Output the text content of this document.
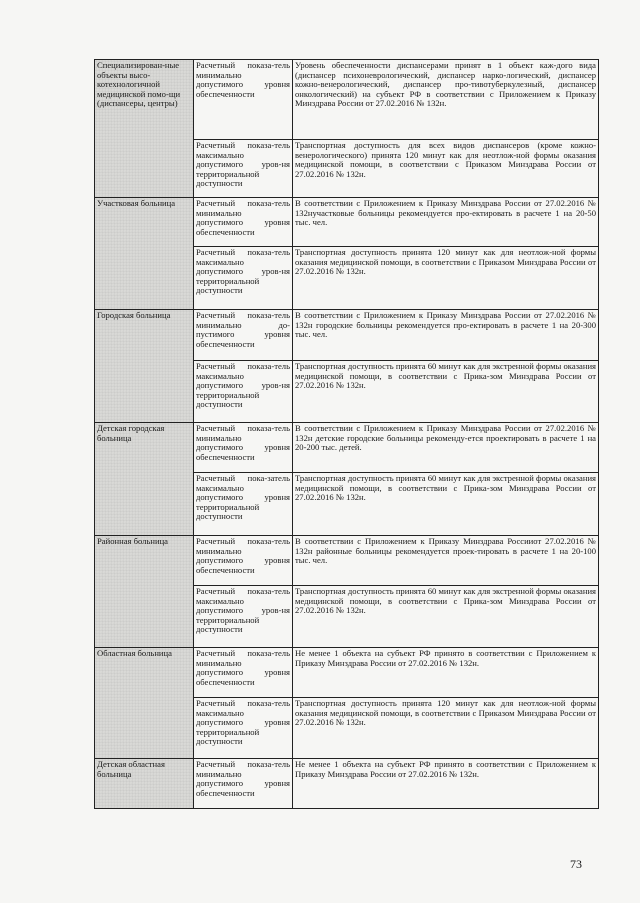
Специализирован-ные объекты высо-котехнологичной медицинской помо-щи (диспансеры, центры)	Расчетный показа-тель минимально допустимого уровня обеспеченности	Уровень обеспеченности диспансерами принят в 1 объект каж-дого вида (диспансер психоневрологический, диспансер нарко-логический, диспансер кожно-венерологический, диспансер про-тивотуберкулезный, диспансер онкологический) на субъект РФ в соответствии с Приложением к Приказу Минздрава России от 27.02.2016 № 132н.
	Расчетный показа-тель максимально допустимого уров-ня территориальной доступности	Транспортная доступность для всех видов диспансеров (кроме кожно-венерологического) принята 120 минут как для неотлож-ной формы оказания медицинской помощи, в соответствии с Приказом Минздрава России от 27.02.2016 № 132н.
Участковая больница	Расчетный показа-тель минимально допустимого уровня обеспеченности	В соответствии с Приложением к Приказу Минздрава России от 27.02.2016 № 132нучастковые больницы рекомендуется про-ектировать в расчете 1 на 20-50 тыс. чел.
	Расчетный показа-тель максимально допустимого уров-ня территориальной доступности	Транспортная доступность принята 120 минут как для неотлож-ной формы оказания медицинской помощи, в соответствии с Приказом Минздрава России от 27.02.2016 № 132н.
Городская больница	Расчетный показа-тель минимально до-пустимого уровня обеспеченности	В соответствии с Приложением к Приказу Минздрава России от 27.02.2016 № 132н городские больницы рекомендуется про-ектировать в расчете 1 на 20-300 тыс. чел.
	Расчетный показа-тель максимально допустимого уров-ня территориальной доступности	Транспортная доступность принята 60 минут как для экстренной формы оказания медицинской помощи, в соответствии с Прика-зом Минздрава России от 27.02.2016 № 132н.
Детская городская больница	Расчетный показа-тель минимально допустимого уровня обеспеченности	В соответствии с Приложением к Приказу Минздрава России от 27.02.2016 № 132н детские городские больницы рекоменду-ется проектировать в расчете 1 на 20-200 тыс. детей.
	Расчетный пока-затель максимально допустимого уровня территориальной доступности	Транспортная доступность принята 60 минут как для экстренной формы оказания медицинской помощи, в соответствии с Прика-зом Минздрава России от 27.02.2016 № 132н.
Районная больница	Расчетный показа-тель минимально допустимого уровня обеспеченности	В соответствии с Приложением к Приказу Минздрава Россииот 27.02.2016 № 132н районные больницы рекомендуется проек-тировать в расчете 1 на 20-100 тыс. чел.
	Расчетный показа-тель максимально допустимого уров-ня территориальной доступности	Транспортная доступность принята 60 минут как для экстренной формы оказания медицинской помощи, в соответствии с Прика-зом Минздрава России от 27.02.2016 № 132н.
Областная больница	Расчетный показа-тель минимально допустимого уровня обеспеченности	Не менее 1 объекта на субъект РФ принято в соответствии с Приложением к Приказу Минздрава России от 27.02.2016 № 132н.
	Расчетный показа-тель максимально допустимого уровня территориальной доступности	Транспортная доступность принята 120 минут как для неотлож-ной формы оказания медицинской помощи, в соответствии с Приказом Минздрава России от 27.02.2016 № 132н.
Детская областная больница	Расчетный показа-тель минимально допустимого уровня обеспеченности	Не менее 1 объекта на субъект РФ принято в соответствии с Приложением к Приказу Минздрава России от 27.02.2016 № 132н.
73
